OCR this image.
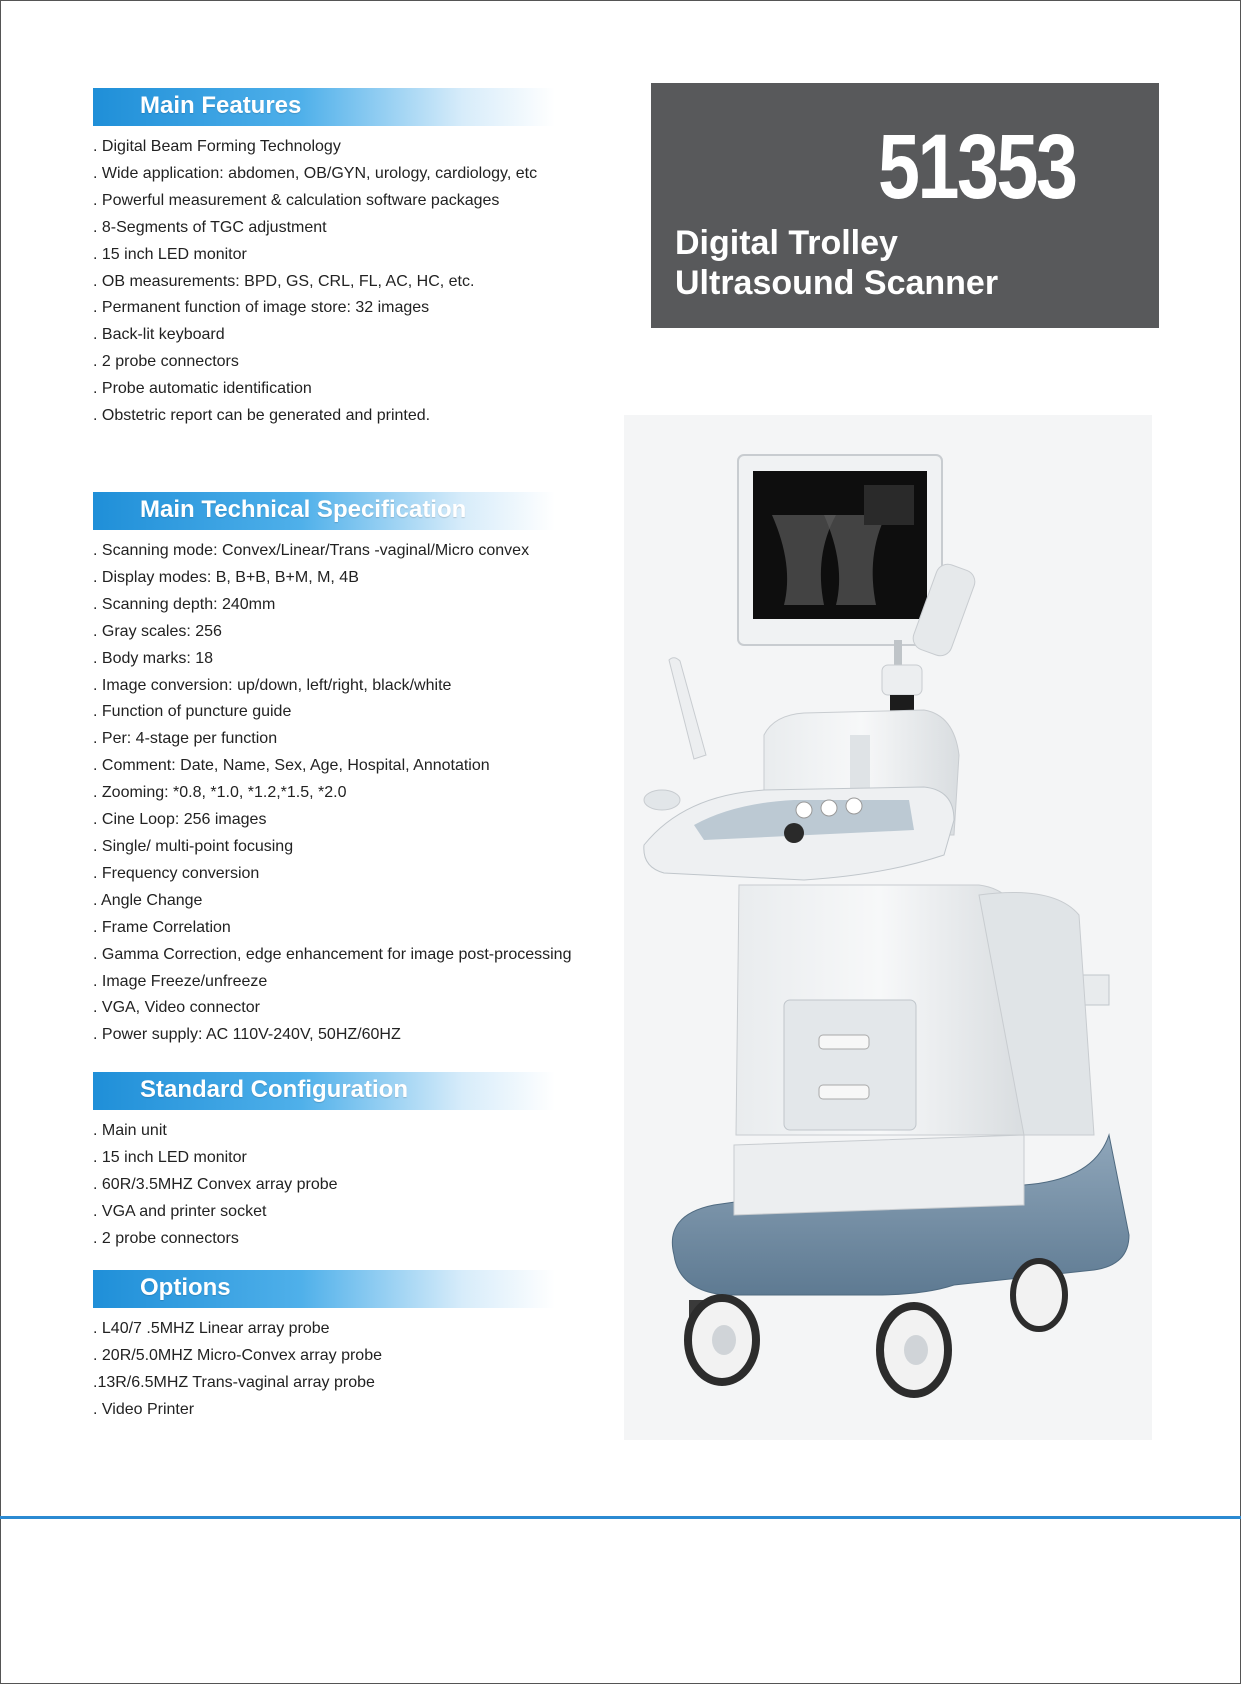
Main Features
. Digital Beam Forming Technology
. Wide application: abdomen, OB/GYN, urology, cardiology, etc
. Powerful measurement & calculation software packages
. 8-Segments of TGC adjustment
. 15 inch LED monitor
. OB measurements: BPD, GS, CRL, FL, AC, HC, etc.
. Permanent function of image store: 32 images
. Back-lit keyboard
. 2 probe connectors
. Probe automatic identification
. Obstetric report can be generated and printed.
Main Technical Specification
. Scanning mode: Convex/Linear/Trans -vaginal/Micro convex
. Display modes: B, B+B, B+M, M, 4B
. Scanning depth: 240mm
. Gray scales: 256
. Body marks: 18
. Image conversion: up/down, left/right, black/white
. Function of puncture guide
. Per: 4-stage per function
. Comment: Date, Name, Sex, Age, Hospital, Annotation
. Zooming: *0.8, *1.0, *1.2,*1.5, *2.0
. Cine Loop: 256 images
. Single/ multi-point focusing
. Frequency conversion
. Angle Change
. Frame Correlation
. Gamma Correction, edge enhancement for image post-processing
. Image Freeze/unfreeze
. VGA, Video connector
. Power supply: AC 110V-240V, 50HZ/60HZ
Standard Configuration
. Main unit
. 15 inch LED monitor
. 60R/3.5MHZ Convex array probe
. VGA and printer socket
. 2 probe connectors
Options
. L40/7 .5MHZ Linear array probe
. 20R/5.0MHZ Micro-Convex array probe
. 13R/6.5MHZ Trans-vaginal array probe
. Video Printer
51353
Digital Trolley
Ultrasound Scanner
